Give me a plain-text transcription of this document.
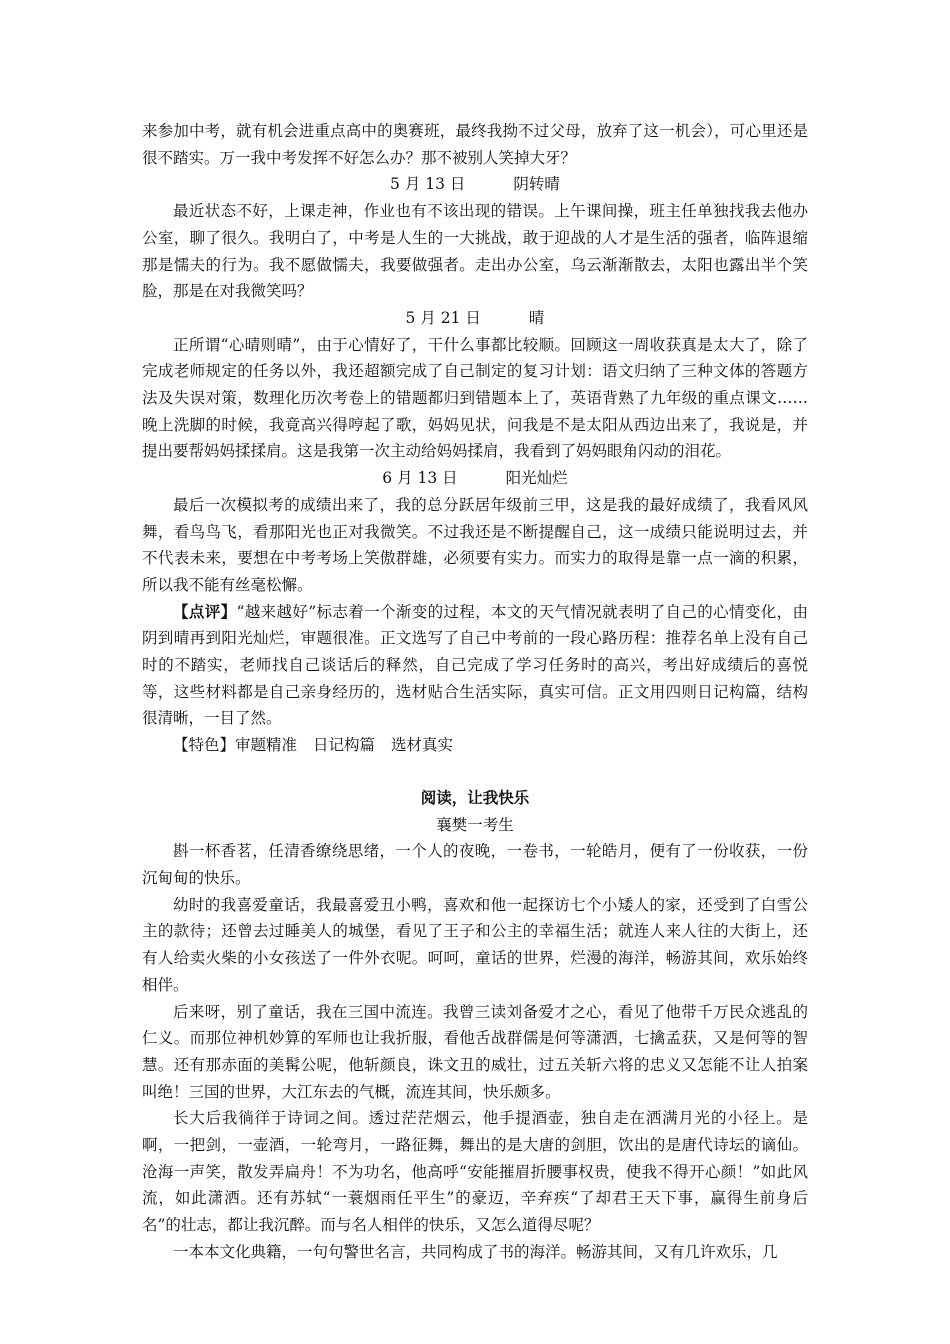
来参加中考，就有机会进重点高中的奥赛班，最终我拗不过父母，放弃了这一机会），可心里还是很不踏实。万一我中考发挥不好怎么办？那不被别人笑掉大牙？

5 月 13 日	阴转晴

最近状态不好，上课走神，作业也有不该出现的错误。上午课间操，班主任单独找我去他办公室，聊了很久。我明白了，中考是人生的一大挑战，敢于迎战的人才是生活的强者，临阵退缩那是懦夫的行为。我不愿做懦夫，我要做强者。走出办公室，乌云渐渐散去，太阳也露出半个笑脸，那是在对我微笑吗？

5 月 21 日	晴

正所谓“心晴则晴”，由于心情好了，干什么事都比较顺。回顾这一周收获真是太大了，除了完成老师规定的任务以外，我还超额完成了自己制定的复习计划：语文归纳了三种文体的答题方法及失误对策，数理化历次考卷上的错题都归到错题本上了，英语背熟了九年级的重点课文……晚上洗脚的时候，我竟高兴得哼起了歌，妈妈见状，问我是不是太阳从西边出来了，我说是，并提出要帮妈妈揉揉肩。这是我第一次主动给妈妈揉肩，我看到了妈妈眼角闪动的泪花。

6 月 13 日	阳光灿烂

最后一次模拟考的成绩出来了，我的总分跃居年级前三甲，这是我的最好成绩了，我看风风舞，看鸟鸟飞，看那阳光也正对我微笑。不过我还是不断提醒自己，这一成绩只能说明过去，并不代表未来，要想在中考考场上笑傲群雄，必须要有实力。而实力的取得是靠一点一滴的积累，所以我不能有丝毫松懈。

【点评】“越来越好”标志着一个渐变的过程，本文的天气情况就表明了自己的心情变化，由阴到晴再到阳光灿烂，审题很准。正文选写了自己中考前的一段心路历程：推荐名单上没有自己时的不踏实，老师找自己谈话后的释然，自己完成了学习任务时的高兴，考出好成绩后的喜悦等，这些材料都是自己亲身经历的，选材贴合生活实际，真实可信。正文用四则日记构篇，结构很清晰，一目了然。

【特色】审题精准 日记构篇 选材真实

阅读，让我快乐

襄樊一考生

斟一杯香茗，任清香缭绕思绪，一个人的夜晚，一卷书，一轮皓月，便有了一份收获，一份沉甸甸的快乐。

幼时的我喜爱童话，我最喜爱丑小鸭，喜欢和他一起探访七个小矮人的家，还受到了白雪公主的款待；还曾去过睡美人的城堡，看见了王子和公主的幸福生活；就连人来人往的大街上，还有人给卖火柴的小女孩送了一件外衣呢。呵呵，童话的世界，烂漫的海洋，畅游其间，欢乐始终相伴。

后来呀，别了童话，我在三国中流连。我曾三读刘备爱才之心，看见了他带千万民众逃乱的仁义。而那位神机妙算的军师也让我折服，看他舌战群儒是何等潇洒，七擒孟获，又是何等的智慧。还有那赤面的美髯公呢，他斩颜良，诛文丑的威壮，过五关斩六将的忠义又怎能不让人拍案叫绝！三国的世界，大江东去的气概，流连其间，快乐颇多。

长大后我徜徉于诗词之间。透过茫茫烟云，他手提酒壶，独自走在洒满月光的小径上。是啊，一把剑，一壶酒，一轮弯月，一路征舞，舞出的是大唐的剑胆，饮出的是唐代诗坛的谪仙。沧海一声笑，散发弄扁舟！不为功名，他高呼“安能摧眉折腰事权贵，使我不得开心颜！”如此风流，如此潇洒。还有苏轼“一蓑烟雨任平生”的豪迈，辛弃疾“了却君王天下事，赢得生前身后名”的壮志，都让我沉醉。而与名人相伴的快乐，又怎么道得尽呢？

一本本文化典籍，一句句警世名言，共同构成了书的海洋。畅游其间，又有几许欢乐，几
